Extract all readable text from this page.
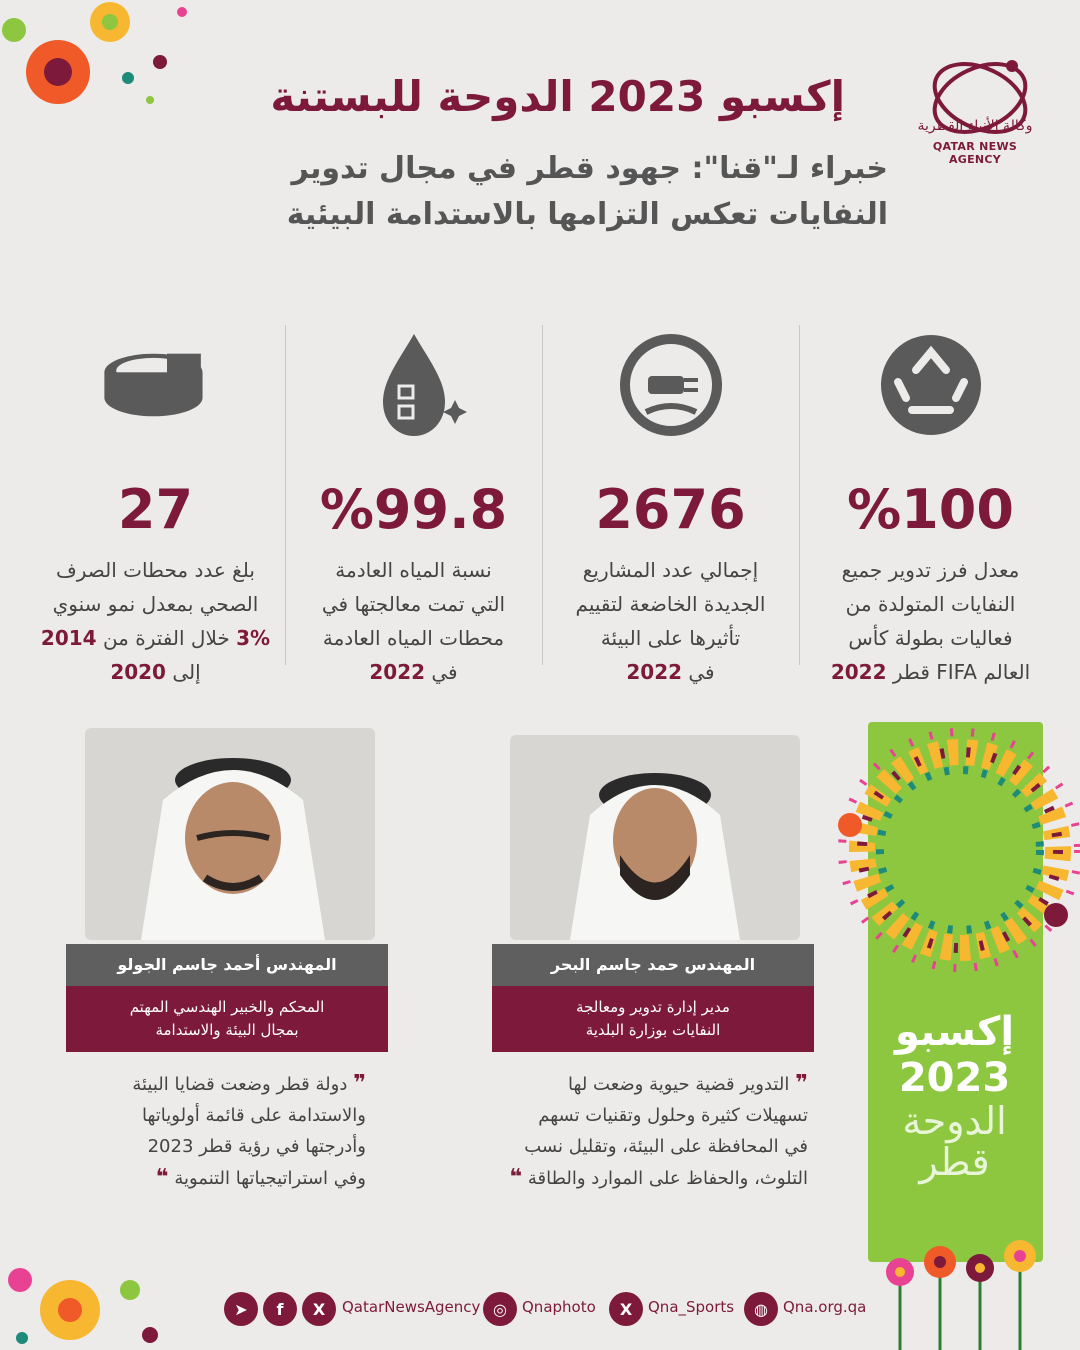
وكالة الأنباء القطرية
QATAR NEWS AGENCY
إكسبو 2023 الدوحة للبستنة
خبراء لـ"قنا": جهود قطر في مجال تدوير
النفايات تعكس التزامها بالاستدامة البيئية
%100
معدل فرز تدوير جميع
النفايات المتولدة من
فعاليات بطولة كأس
العالم FIFA قطر 2022
2676
إجمالي عدد المشاريع
الجديدة الخاضعة لتقييم
تأثيرها على البيئة
في 2022
%99.8
نسبة المياه العادمة
التي تمت معالجتها في
محطات المياه العادمة
في 2022
27
بلغ عدد محطات الصرف
الصحي بمعدل نمو سنوي
3% خلال الفترة من 2014
إلى 2020
المهندس حمد جاسم البحر
مدير إدارة تدوير ومعالجة
النفايات بوزارة البلدية
❞ التدوير قضية حيوية وضعت لها
تسهيلات كثيرة وحلول وتقنيات تسهم
في المحافظة على البيئة، وتقليل نسب
التلوث، والحفاظ على الموارد والطاقة ❝
المهندس أحمد جاسم الجولو
المحكم والخبير الهندسي المهتم
بمجال البيئة والاستدامة
❞ دولة قطر وضعت قضايا البيئة
والاستدامة على قائمة أولوياتها
وأدرجتها في رؤية قطر 2023
وفي استراتيجياتها التنموية ❝
إكسبو
2023
الدوحة
قطر
➤	f	X	QatarNewsAgency ◎	Qnaphoto	X	Qna_Sports	◍	Qna.org.qa
